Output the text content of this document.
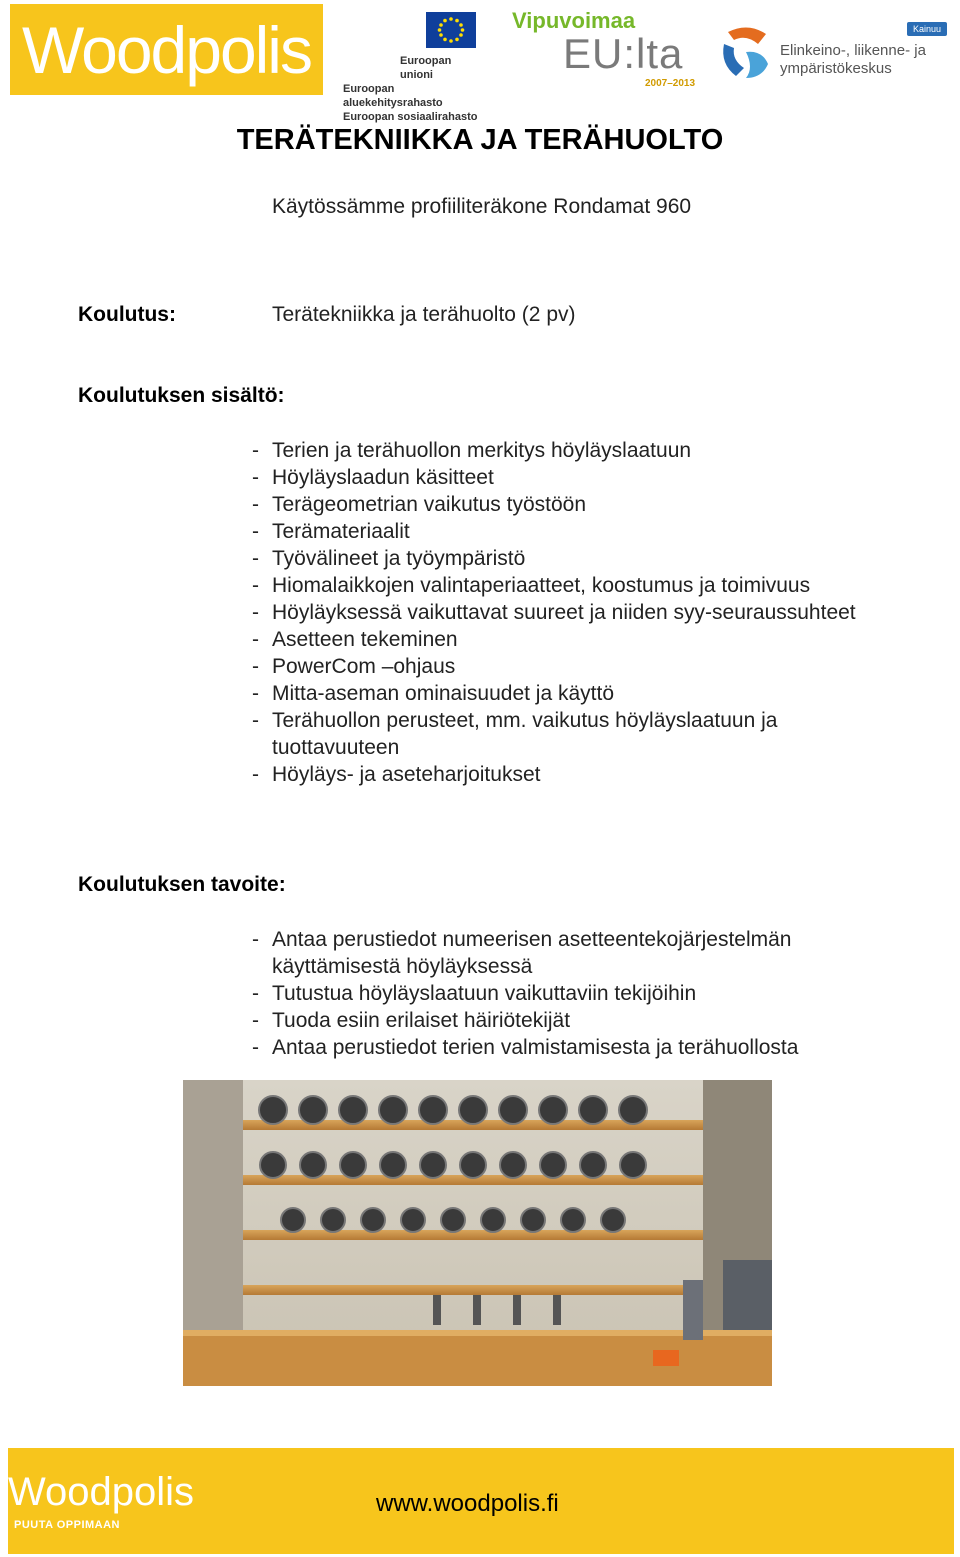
Woodpolis	Euroopan unioni
Euroopan aluekehitysrahasto
Euroopan sosiaalirahasto
Vipuvoimaa
EU:lta
2007–2013
Kainuu
Elinkeino-, liikenne- ja
ympäristökeskus
TERÄTEKNIIKKA JA TERÄHUOLTO
Käytössämme profiiliteräkone Rondamat 960
Koulutus:	Terätekniikka ja terähuolto (2 pv)
Koulutuksen sisältö:
- Terien ja terähuollon merkitys höyläyslaatuun
- Höyläyslaadun käsitteet
- Terägeometrian vaikutus työstöön
- Terämateriaalit
- Työvälineet ja työympäristö
- Hiomalaikkojen valintaperiaatteet, koostumus ja toimivuus
- Höyläyksessä vaikuttavat suureet ja niiden syy-seuraussuhteet
- Asetteen tekeminen
- PowerCom –ohjaus
- Mitta-aseman ominaisuudet ja käyttö
- Terähuollon perusteet, mm. vaikutus höyläyslaatuun ja tuottavuuteen
- Höyläys- ja aseteharjoitukset
Koulutuksen tavoite:
- Antaa perustiedot numeerisen asetteentekojärjestelmän käyttämisestä höyläyksessä
- Tutustua höyläyslaatuun vaikuttaviin tekijöihin
- Tuoda esiin erilaiset häiriötekijät
- Antaa perustiedot terien valmistamisesta ja terähuollosta
Woodpolis
PUUTA OPPIMAAN
www.woodpolis.fi
